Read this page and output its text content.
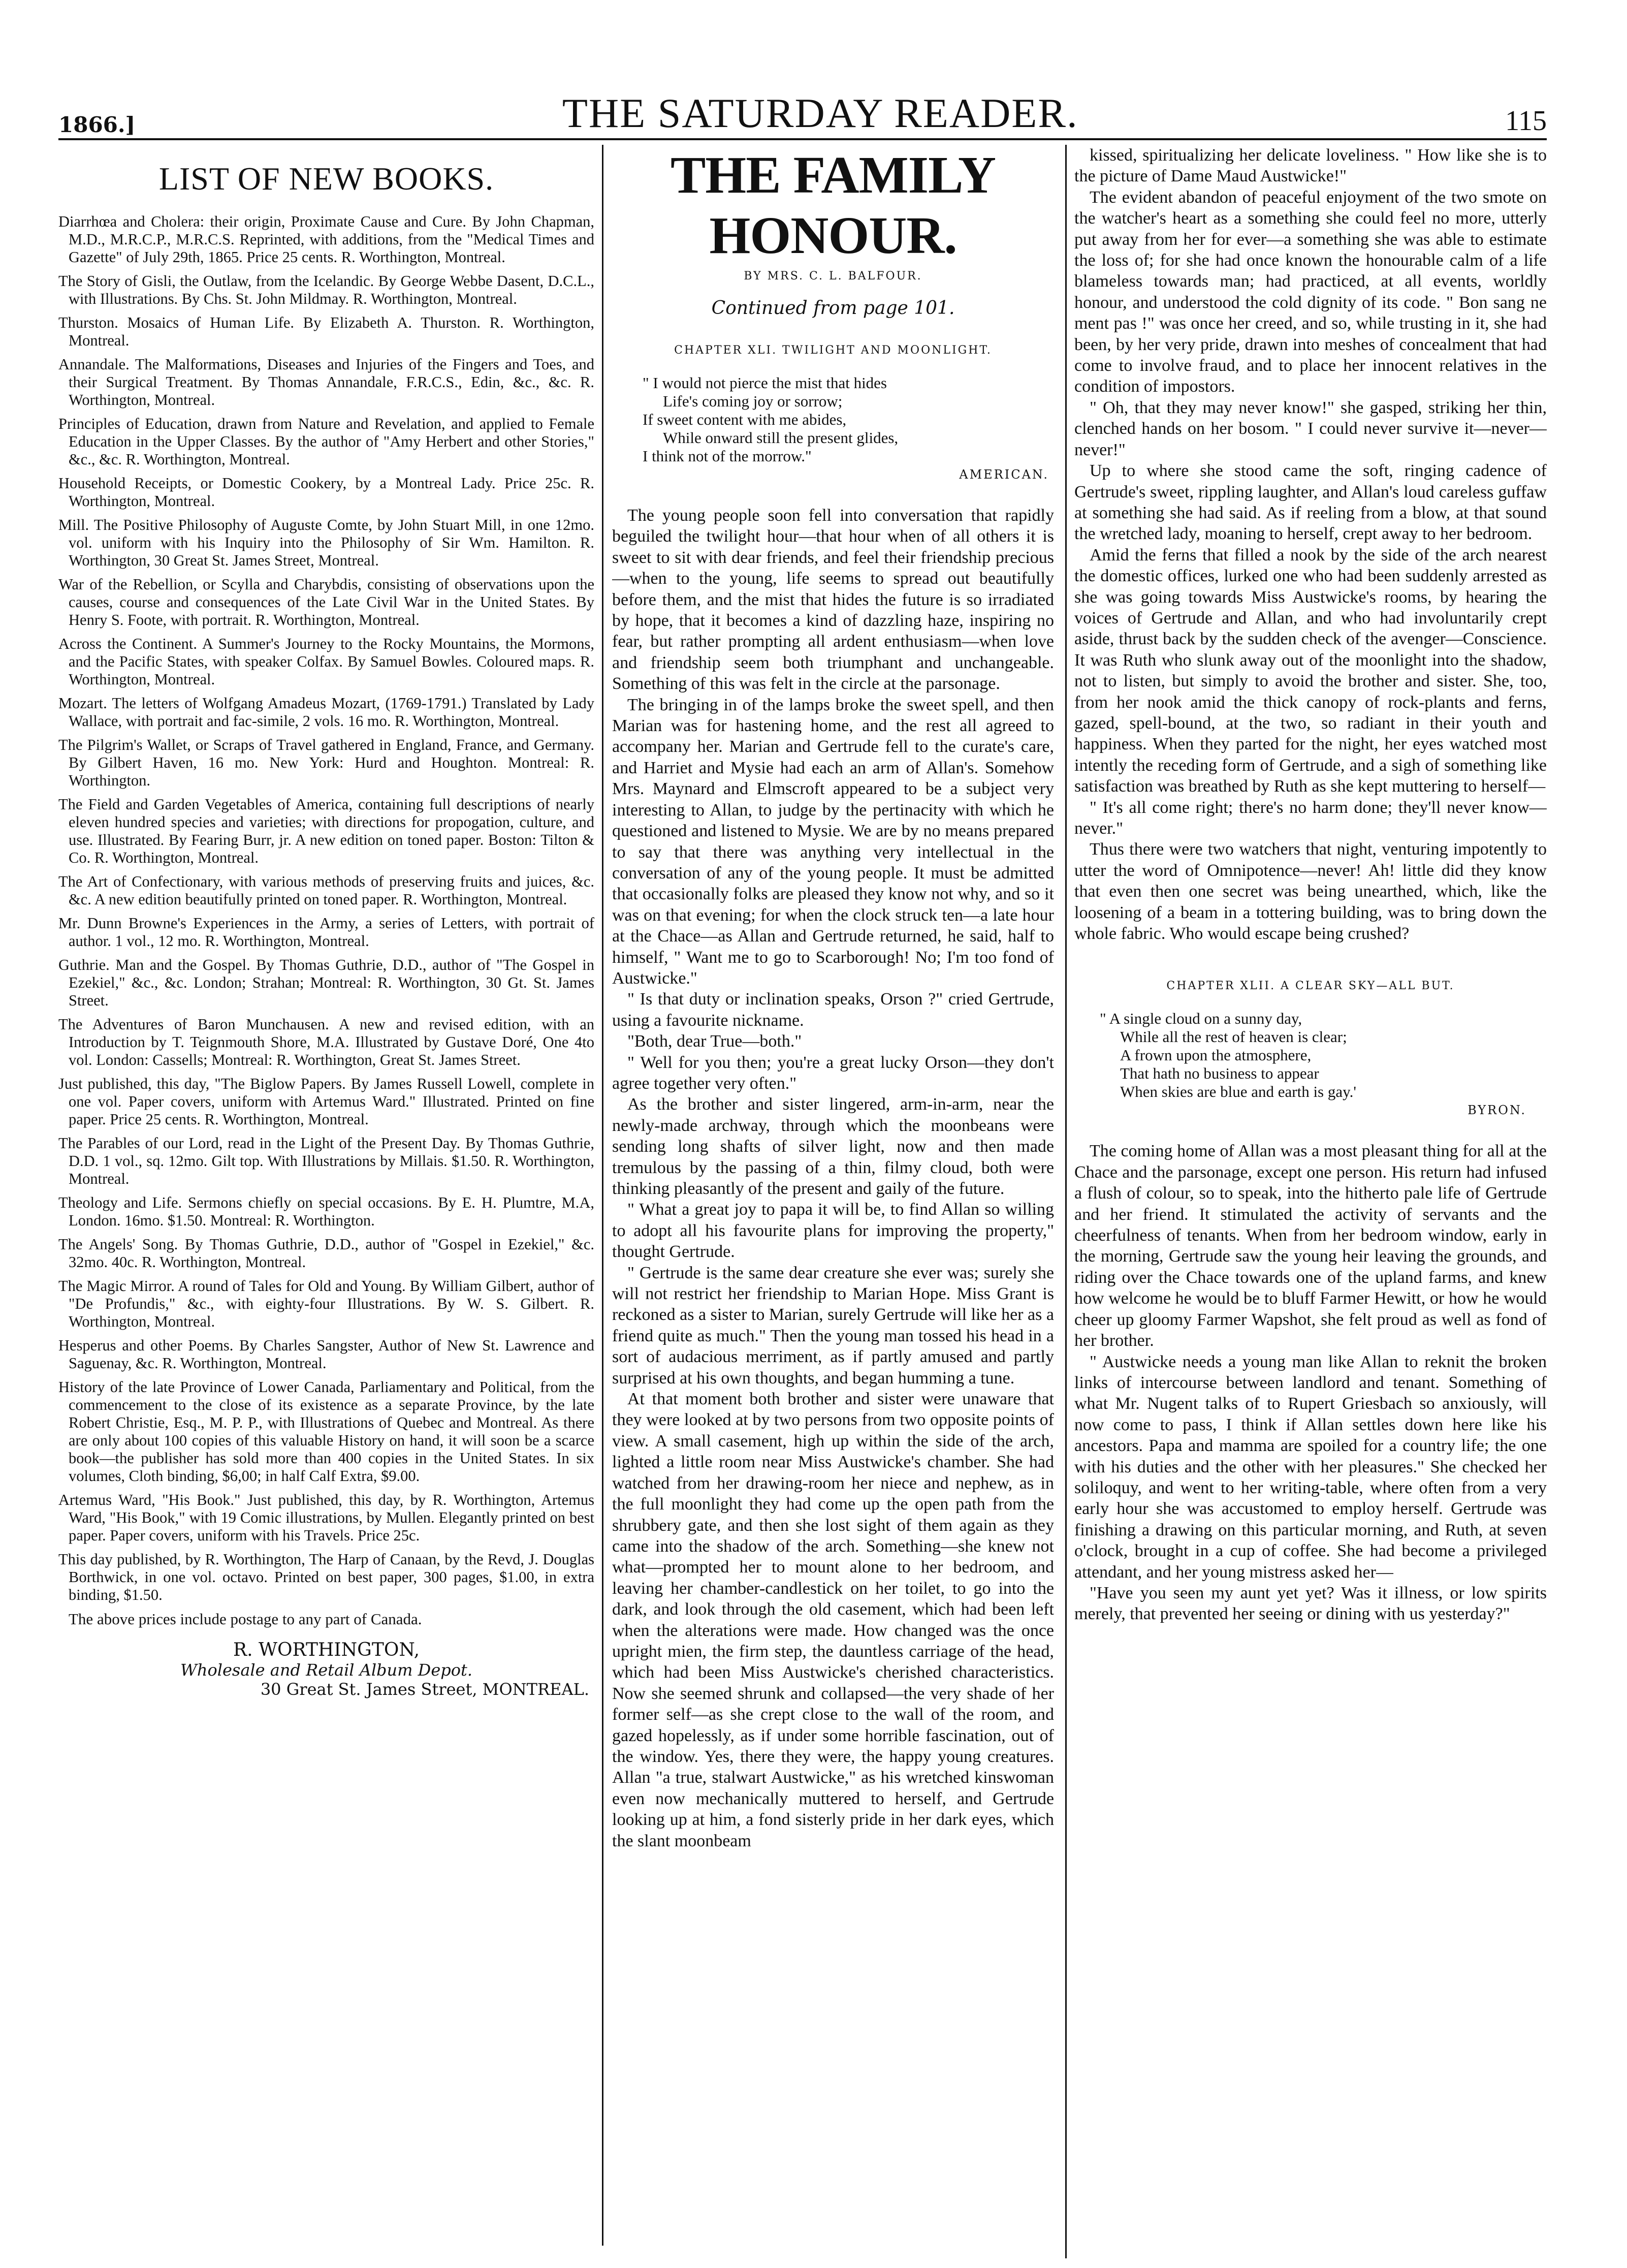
1866.]	THE SATURDAY READER.	115
LIST OF NEW BOOKS.

Diarrhœa and Cholera: their origin, Proximate Cause and Cure. By John Chapman, M.D., M.R.C.P., M.R.C.S. Reprinted, with additions, from the "Medical Times and Gazette" of July 29th, 1865. Price 25 cents. R. Worthington, Montreal.

The Story of Gisli, the Outlaw, from the Icelandic. By George Webbe Dasent, D.C.L., with Illustrations. By Chs. St. John Mildmay. R. Worthington, Montreal.

Thurston. Mosaics of Human Life. By Elizabeth A. Thurston. R. Worthington, Montreal.

Annandale. The Malformations, Diseases and Injuries of the Fingers and Toes, and their Surgical Treatment. By Thomas Annandale, F.R.C.S., Edin, &c., &c. R. Worthington, Montreal.

Principles of Education, drawn from Nature and Revelation, and applied to Female Education in the Upper Classes. By the author of "Amy Herbert and other Stories," &c., &c. R. Worthington, Montreal.

Household Receipts, or Domestic Cookery, by a Montreal Lady. Price 25c. R. Worthington, Montreal.

Mill. The Positive Philosophy of Auguste Comte, by John Stuart Mill, in one 12mo. vol. uniform with his Inquiry into the Philosophy of Sir Wm. Hamilton. R. Worthington, 30 Great St. James Street, Montreal.

War of the Rebellion, or Scylla and Charybdis, consisting of observations upon the causes, course and consequences of the Late Civil War in the United States. By Henry S. Foote, with portrait. R. Worthington, Montreal.

Across the Continent. A Summer's Journey to the Rocky Mountains, the Mormons, and the Pacific States, with speaker Colfax. By Samuel Bowles. Coloured maps. R. Worthington, Montreal.

Mozart. The letters of Wolfgang Amadeus Mozart, (1769-1791.) Translated by Lady Wallace, with portrait and fac-simile, 2 vols. 16 mo. R. Worthington, Montreal.

The Pilgrim's Wallet, or Scraps of Travel gathered in England, France, and Germany. By Gilbert Haven, 16 mo. New York: Hurd and Houghton. Montreal: R. Worthington.

The Field and Garden Vegetables of America, containing full descriptions of nearly eleven hundred species and varieties; with directions for propogation, culture, and use. Illustrated. By Fearing Burr, jr. A new edition on toned paper. Boston: Tilton & Co. R. Worthington, Montreal.

The Art of Confectionary, with various methods of preserving fruits and juices, &c. &c. A new edition beautifully printed on toned paper. R. Worthington, Montreal.

Mr. Dunn Browne's Experiences in the Army, a series of Letters, with portrait of author. 1 vol., 12 mo. R. Worthington, Montreal.

Guthrie. Man and the Gospel. By Thomas Guthrie, D.D., author of "The Gospel in Ezekiel," &c., &c. London; Strahan; Montreal: R. Worthington, 30 Gt. St. James Street.

The Adventures of Baron Munchausen. A new and revised edition, with an Introduction by T. Teignmouth Shore, M.A. Illustrated by Gustave Doré, One 4to vol. London: Cassells; Montreal: R. Worthington, Great St. James Street.

Just published, this day, "The Biglow Papers. By James Russell Lowell, complete in one vol. Paper covers, uniform with Artemus Ward." Illustrated. Printed on fine paper. Price 25 cents. R. Worthington, Montreal.

The Parables of our Lord, read in the Light of the Present Day. By Thomas Guthrie, D.D. 1 vol., sq. 12mo. Gilt top. With Illustrations by Millais. $1.50. R. Worthington, Montreal.

Theology and Life. Sermons chiefly on special occasions. By E. H. Plumtre, M.A, London. 16mo. $1.50. Montreal: R. Worthington.

The Angels' Song. By Thomas Guthrie, D.D., author of "Gospel in Ezekiel," &c. 32mo. 40c. R. Worthington, Montreal.

The Magic Mirror. A round of Tales for Old and Young. By William Gilbert, author of "De Profundis," &c., with eighty-four Illustrations. By W. S. Gilbert. R. Worthington, Montreal.

Hesperus and other Poems. By Charles Sangster, Author of New St. Lawrence and Saguenay, &c. R. Worthington, Montreal.

History of the late Province of Lower Canada, Parliamentary and Political, from the commencement to the close of its existence as a separate Province, by the late Robert Christie, Esq., M. P. P., with Illustrations of Quebec and Montreal. As there are only about 100 copies of this valuable History on hand, it will soon be a scarce book—the publisher has sold more than 400 copies in the United States. In six volumes, Cloth binding, $6,00; in half Calf Extra, $9.00.

Artemus Ward, "His Book." Just published, this day, by R. Worthington, Artemus Ward, "His Book," with 19 Comic illustrations, by Mullen. Elegantly printed on best paper. Paper covers, uniform with his Travels. Price 25c.

This day published, by R. Worthington, The Harp of Canaan, by the Revd, J. Douglas Borthwick, in one vol. octavo. Printed on best paper, 300 pages, $1.00, in extra binding, $1.50.

The above prices include postage to any part of Canada.

R. WORTHINGTON,
Wholesale and Retail Album Depot.
30 Great St. James Street, MONTREAL.
THE FAMILY HONOUR.
BY MRS. C. L. BALFOUR.
Continued from page 101.
CHAPTER XLI. TWILIGHT AND MOONLIGHT.
" I would not pierce the mist that hides
Life's coming joy or sorrow;
If sweet content with me abides,
While onward still the present glides,
I think not of the morrow."
AMERICAN.

The young people soon fell into conversation that rapidly beguiled the twilight hour—that hour when of all others it is sweet to sit with dear friends, and feel their friendship precious—when to the young, life seems to spread out beautifully before them, and the mist that hides the future is so irradiated by hope, that it becomes a kind of dazzling haze, inspiring no fear, but rather prompting all ardent enthusiasm—when love and friendship seem both triumphant and unchangeable. Something of this was felt in the circle at the parsonage.

The bringing in of the lamps broke the sweet spell, and then Marian was for hastening home, and the rest all agreed to accompany her. Marian and Gertrude fell to the curate's care, and Harriet and Mysie had each an arm of Allan's. Somehow Mrs. Maynard and Elmscroft appeared to be a subject very interesting to Allan, to judge by the pertinacity with which he questioned and listened to Mysie. We are by no means prepared to say that there was anything very intellectual in the conversation of any of the young people. It must be admitted that occasionally folks are pleased they know not why, and so it was on that evening; for when the clock struck ten—a late hour at the Chace—as Allan and Gertrude returned, he said, half to himself, " Want me to go to Scarborough! No; I'm too fond of Austwicke."

" Is that duty or inclination speaks, Orson ?" cried Gertrude, using a favourite nickname.

"Both, dear True—both."

" Well for you then; you're a great lucky Orson—they don't agree together very often."

As the brother and sister lingered, arm-in-arm, near the newly-made archway, through which the moonbeans were sending long shafts of silver light, now and then made tremulous by the passing of a thin, filmy cloud, both were thinking pleasantly of the present and gaily of the future.

" What a great joy to papa it will be, to find Allan so willing to adopt all his favourite plans for improving the property," thought Gertrude.

" Gertrude is the same dear creature she ever was; surely she will not restrict her friendship to Marian Hope. Miss Grant is reckoned as a sister to Marian, surely Gertrude will like her as a friend quite as much." Then the young man tossed his head in a sort of audacious merriment, as if partly amused and partly surprised at his own thoughts, and began humming a tune.

At that moment both brother and sister were unaware that they were looked at by two persons from two opposite points of view. A small casement, high up within the side of the arch, lighted a little room near Miss Austwicke's chamber. She had watched from her drawing-room her niece and nephew, as in the full moonlight they had come up the open path from the shrubbery gate, and then she lost sight of them again as they came into the shadow of the arch. Something—she knew not what—prompted her to mount alone to her bedroom, and leaving her chamber-candlestick on her toilet, to go into the dark, and look through the old casement, which had been left when the alterations were made. How changed was the once upright mien, the firm step, the dauntless carriage of the head, which had been Miss Austwicke's cherished characteristics. Now she seemed shrunk and collapsed—the very shade of her former self—as she crept close to the wall of the room, and gazed hopelessly, as if under some horrible fascination, out of the window. Yes, there they were, the happy young creatures. Allan "a true, stalwart Austwicke," as his wretched kinswoman even now mechanically muttered to herself, and Gertrude looking up at him, a fond sisterly pride in her dark eyes, which the slant moonbeam

kissed, spiritualizing her delicate loveliness. " How like she is to the picture of Dame Maud Austwicke!"

The evident abandon of peaceful enjoyment of the two smote on the watcher's heart as a something she could feel no more, utterly put away from her for ever—a something she was able to estimate the loss of; for she had once known the honourable calm of a life blameless towards man; had practiced, at all events, worldly honour, and understood the cold dignity of its code. " Bon sang ne ment pas !" was once her creed, and so, while trusting in it, she had been, by her very pride, drawn into meshes of concealment that had come to involve fraud, and to place her innocent relatives in the condition of impostors.

" Oh, that they may never know!" she gasped, striking her thin, clenched hands on her bosom. " I could never survive it—never—never!"

Up to where she stood came the soft, ringing cadence of Gertrude's sweet, rippling laughter, and Allan's loud careless guffaw at something she had said. As if reeling from a blow, at that sound the wretched lady, moaning to herself, crept away to her bedroom.

Amid the ferns that filled a nook by the side of the arch nearest the domestic offices, lurked one who had been suddenly arrested as she was going towards Miss Austwicke's rooms, by hearing the voices of Gertrude and Allan, and who had involuntarily crept aside, thrust back by the sudden check of the avenger—Conscience. It was Ruth who slunk away out of the moonlight into the shadow, not to listen, but simply to avoid the brother and sister. She, too, from her nook amid the thick canopy of rock-plants and ferns, gazed, spell-bound, at the two, so radiant in their youth and happiness. When they parted for the night, her eyes watched most intently the receding form of Gertrude, and a sigh of something like satisfaction was breathed by Ruth as she kept muttering to herself—

" It's all come right; there's no harm done; they'll never know—never."

Thus there were two watchers that night, venturing impotently to utter the word of Omnipotence—never! Ah! little did they know that even then one secret was being unearthed, which, like the loosening of a beam in a tottering building, was to bring down the whole fabric. Who would escape being crushed?

CHAPTER XLII. A CLEAR SKY—ALL BUT.
" A single cloud on a sunny day,
While all the rest of heaven is clear;
A frown upon the atmosphere,
That hath no business to appear
When skies are blue and earth is gay.'
BYRON.

The coming home of Allan was a most pleasant thing for all at the Chace and the parsonage, except one person. His return had infused a flush of colour, so to speak, into the hitherto pale life of Gertrude and her friend. It stimulated the activity of servants and the cheerfulness of tenants. When from her bedroom window, early in the morning, Gertrude saw the young heir leaving the grounds, and riding over the Chace towards one of the upland farms, and knew how welcome he would be to bluff Farmer Hewitt, or how he would cheer up gloomy Farmer Wapshot, she felt proud as well as fond of her brother.

" Austwicke needs a young man like Allan to reknit the broken links of intercourse between landlord and tenant. Something of what Mr. Nugent talks of to Rupert Griesbach so anxiously, will now come to pass, I think if Allan settles down here like his ancestors. Papa and mamma are spoiled for a country life; the one with his duties and the other with her pleasures." She checked her soliloquy, and went to her writing-table, where often from a very early hour she was accustomed to employ herself. Gertrude was finishing a drawing on this particular morning, and Ruth, at seven o'clock, brought in a cup of coffee. She had become a privileged attendant, and her young mistress asked her—

"Have you seen my aunt yet yet? Was it illness, or low spirits merely, that prevented her seeing or dining with us yesterday?"
